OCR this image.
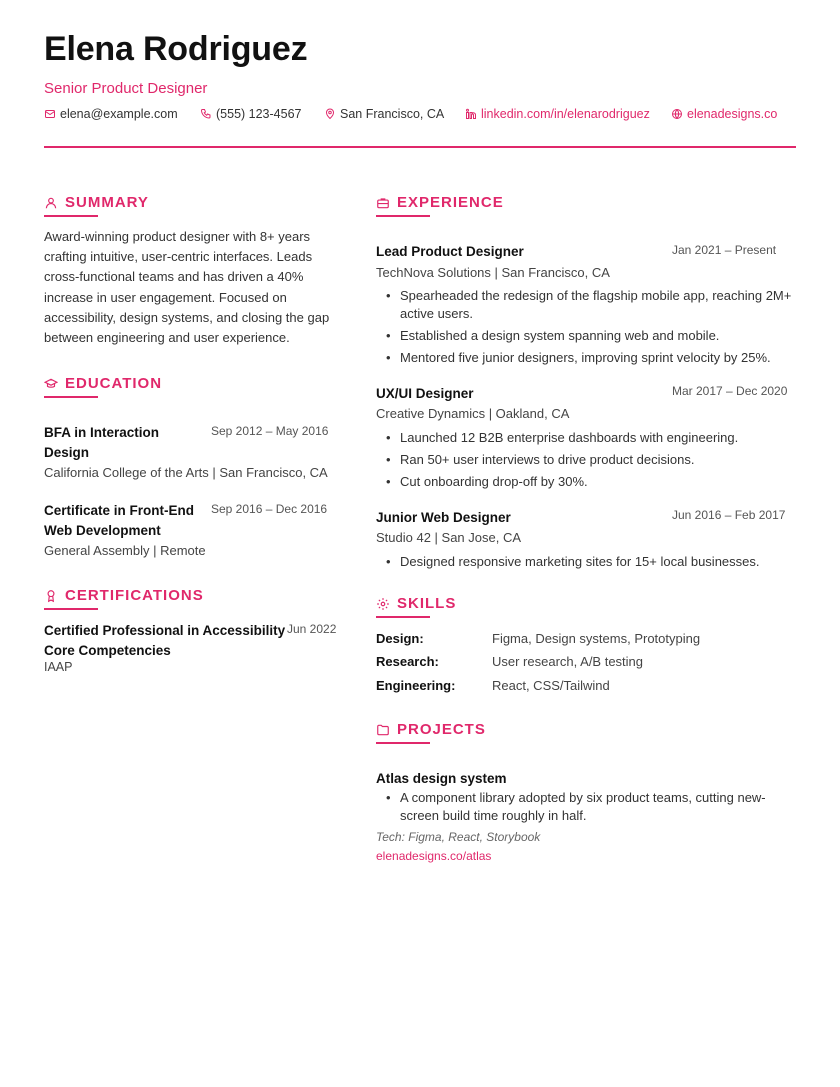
Elena Rodriguez
Senior Product Designer
elena@example.com	(555) 123-4567	San Francisco, CA	linkedin.com/in/elenarodriguez	elenadesigns.co
SUMMARY
Award-winning product designer with 8+ years crafting intuitive, user-centric interfaces. Leads cross-functional teams and has driven a 40% increase in user engagement. Focused on accessibility, design systems, and closing the gap between engineering and user experience.
EDUCATION
BFA in Interaction Design
Sep 2012 – May 2016
California College of the Arts | San Francisco, CA
Certificate in Front-End Web Development
Sep 2016 – Dec 2016
General Assembly | Remote
CERTIFICATIONS
Certified Professional in Accessibility Core Competencies
Jun 2022
IAAP
EXPERIENCE
Lead Product Designer	Jan 2021 – Present
TechNova Solutions | San Francisco, CA
• Spearheaded the redesign of the flagship mobile app, reaching 2M+ active users.
• Established a design system spanning web and mobile.
• Mentored five junior designers, improving sprint velocity by 25%.
UX/UI Designer	Mar 2017 – Dec 2020
Creative Dynamics | Oakland, CA
• Launched 12 B2B enterprise dashboards with engineering.
• Ran 50+ user interviews to drive product decisions.
• Cut onboarding drop-off by 30%.
Junior Web Designer	Jun 2016 – Feb 2017
Studio 42 | San Jose, CA
• Designed responsive marketing sites for 15+ local businesses.
SKILLS
Design:	Figma, Design systems, Prototyping
Research:	User research, A/B testing
Engineering:	React, CSS/Tailwind
PROJECTS
Atlas design system
• A component library adopted by six product teams, cutting new-screen build time roughly in half.
Tech: Figma, React, Storybook
elenadesigns.co/atlas
